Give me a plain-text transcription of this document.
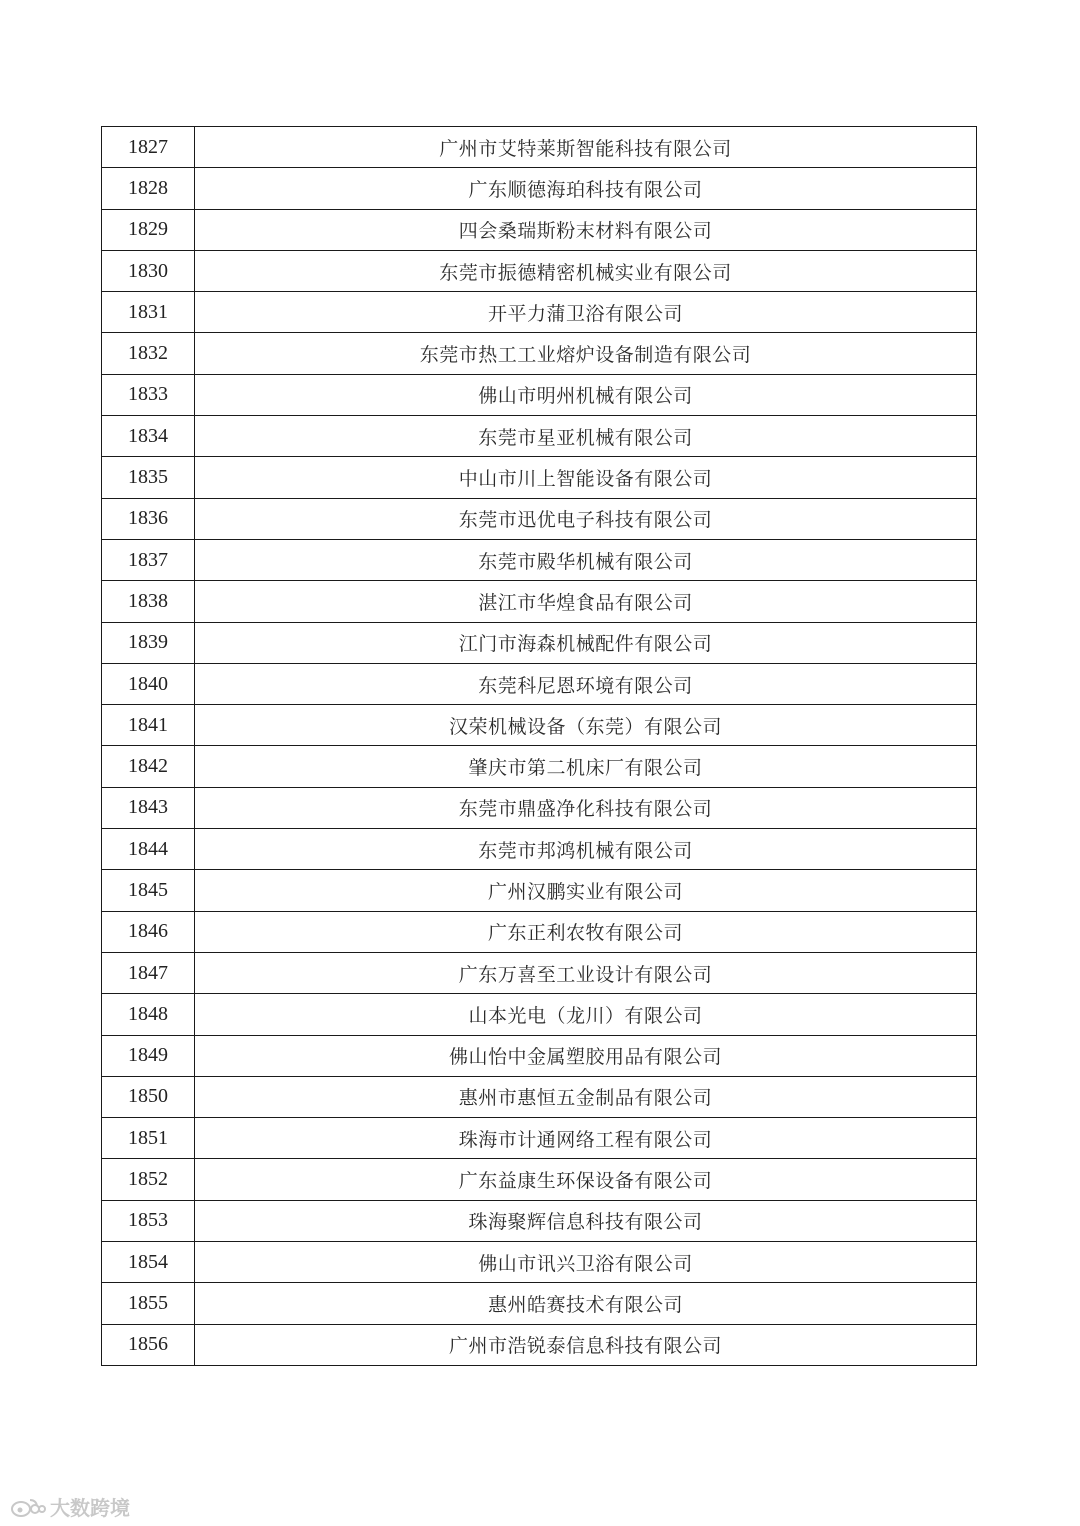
1827	广州市艾特莱斯智能科技有限公司
1828	广东顺德海珀科技有限公司
1829	四会桑瑞斯粉末材料有限公司
1830	东莞市振德精密机械实业有限公司
1831	开平力蒲卫浴有限公司
1832	东莞市热工工业熔炉设备制造有限公司
1833	佛山市明州机械有限公司
1834	东莞市星亚机械有限公司
1835	中山市川上智能设备有限公司
1836	东莞市迅优电子科技有限公司
1837	东莞市殿华机械有限公司
1838	湛江市华煌食品有限公司
1839	江门市海森机械配件有限公司
1840	东莞科尼恩环境有限公司
1841	汉荣机械设备（东莞）有限公司
1842	肇庆市第二机床厂有限公司
1843	东莞市鼎盛净化科技有限公司
1844	东莞市邦鸿机械有限公司
1845	广州汉鹏实业有限公司
1846	广东正利农牧有限公司
1847	广东万喜至工业设计有限公司
1848	山本光电（龙川）有限公司
1849	佛山怡中金属塑胶用品有限公司
1850	惠州市惠恒五金制品有限公司
1851	珠海市计通网络工程有限公司
1852	广东益康生环保设备有限公司
1853	珠海聚辉信息科技有限公司
1854	佛山市讯兴卫浴有限公司
1855	惠州皓赛技术有限公司
1856	广州市浩锐泰信息科技有限公司
大数跨境
